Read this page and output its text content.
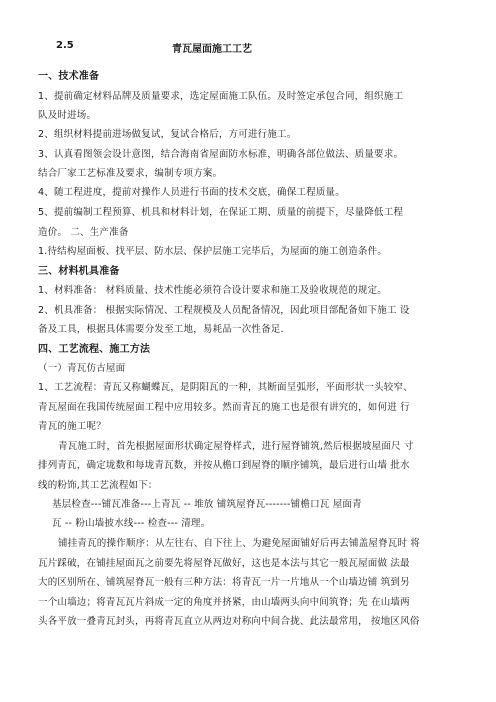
2.5	青瓦屋面施工工艺
一、技术准备
1、提前确定材料品牌及质量要求，选定屋面施工队伍。及时签定承包合同，组织施工
队及时进场。
2、组织材料提前进场做复试，复试合格后，方可进行施工。
3、认真看图领会设计意图，结合海南省屋面防水标准，明确各部位做法、质量要求。
结合厂家工艺标准及要求，编制专项方案。
4、随工程进度，提前对操作人员进行书面的技术交底，确保工程质量。
5、提前编制工程预算、机具和材料计划，在保证工期、质量的前提下，尽量降低工程
造价。 二、生产准备
1.待结构屋面板、找平层、防水层、保护层施工完毕后，为屋面的施工创造条件。
三、材料机具准备
1、材料准备： 材料质量、技术性能必须符合设计要求和施工及验收规范的规定。
2、机具准备： 根据实际情况、工程规模及人员配备情况，因此项目部配备如下施工 设
备及工具，根据具体需要分发至工地，易耗品一次性备足.
四、工艺流程、施工方法
（一）青瓦仿古屋面
1、工艺流程：青瓦又称蝴蝶瓦，是阴阳瓦的一种，其断面呈弧形，平面形状一头较窄、
青瓦屋面在我国传统屋面工程中应用较多。然而青瓦的施工也是很有讲究的，如何进 行
青瓦的施工呢？
青瓦施工时，首先根据屋面形状确定屋脊样式，进行屋脊铺筑,然后根据坡屋面尺 寸
排列青瓦，确定垅数和每垅青瓦数，并按从檐口到屋脊的顺序铺筑，最后进行山墙 批水
线的粉饰,其工艺流程如下：
基层检查---铺瓦准备---上青瓦 -- 堆放 铺筑屋脊瓦-------铺檐口瓦 屋面青
瓦 -- 粉山墙披水线--- 检查--- 清理。
铺挂青瓦的操作顺序：从左往右、自下往上、为避免屋面铺好后再去铺盖屋脊瓦时 将
瓦片踩破，在铺挂屋面瓦之前要先将屋脊瓦做好，这也是本法与其它一般瓦屋面做 法最
大的区别所在、铺筑屋脊瓦一般有三种方法：将青瓦一片一片地从一个山墙边铺 筑到另
一个山墙边；将青瓦瓦片斜成一定的角度并挤紧，由山墙两头向中间筑脊；先 在山墙两
头各平放一叠青瓦封头，再将青瓦直立从两边对称向中间合拢、此法最常用， 按地区风俗
